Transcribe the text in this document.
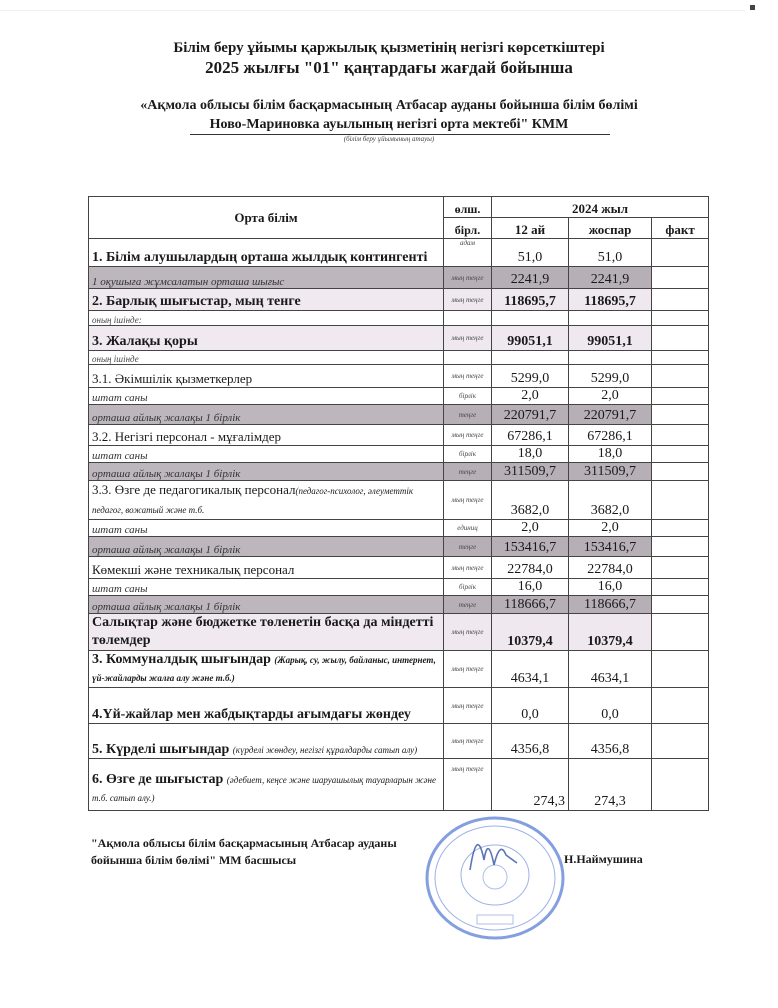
Білім беру ұйымы қаржылық қызметінің негізгі көрсеткіштері
2025 жылғы "01" қаңтардағы жағдай бойынша
«Ақмола облысы білім басқармасының Атбасар ауданы бойынша білім бөлімі
Ново-Мариновка ауылының негізгі орта мектебі" КММ
(білім беру ұйымының атауы)
Орта білім	өлш.	2024 жыл		
	бірл.	12 ай	жоспар	факт
1. Білім алушылардың орташа жылдық контингенті	адам	51,0	51,0	
1 оқушыға жұмсалатын орташа шығыс	мың теңге	2241,9	2241,9	
2. Барлық шығыстар, мың тенге	мың теңге	118695,7	118695,7	
оның ішінде:				
3. Жалақы қоры	мың теңге	99051,1	99051,1	
оның ішінде				
3.1. Әкімшілік қызметкерлер	мың теңге	5299,0	5299,0	
штат саны	бірлік	2,0	2,0	
орташа айлық жалақы 1 бірлік	теңге	220791,7	220791,7	
3.2. Негізгі персонал - мұғалімдер	мың теңге	67286,1	67286,1	
штат саны	бірлік	18,0	18,0	
орташа айлық жалақы 1 бірлік	теңге	311509,7	311509,7	
3.3. Өзге де педагогикалық персонал(педагог-психолог, әлеуметтік педагог, вожатый және т.б.	мың теңге	3682,0	3682,0	
штат саны	единиц	2,0	2,0	
орташа айлық жалақы 1 бірлік	теңге	153416,7	153416,7	
Көмекші және техникалық персонал	мың теңге	22784,0	22784,0	
штат саны	бірлік	16,0	16,0	
орташа айлық жалақы 1 бірлік	теңге	118666,7	118666,7	
Салықтар және бюджетке төленетін басқа да міндетті төлемдер	мың теңге	10379,4	10379,4	
3. Коммуналдық шығындар (Жарық, су, жылу, байланыс, интернет, үй-жайларды жалға алу және т.б.)	мың теңге	4634,1	4634,1	
4.Үй-жайлар мен жабдықтарды ағымдағы жөндеу	мың теңге	0,0	0,0	
5. Күрделі шығындар (күрделі жөндеу, негізгі құралдарды сатып алу)	мың теңге	4356,8	4356,8	
6. Өзге де шығыстар (әдебиет, кеңсе және шаруашылық тауарларын және т.б. сатып алу.)	мың теңге	274,3	274,3	
"Ақмола облысы білім басқармасының Атбасар ауданы
бойынша білім бөлімі" ММ басшысы	Н.Наймушина
